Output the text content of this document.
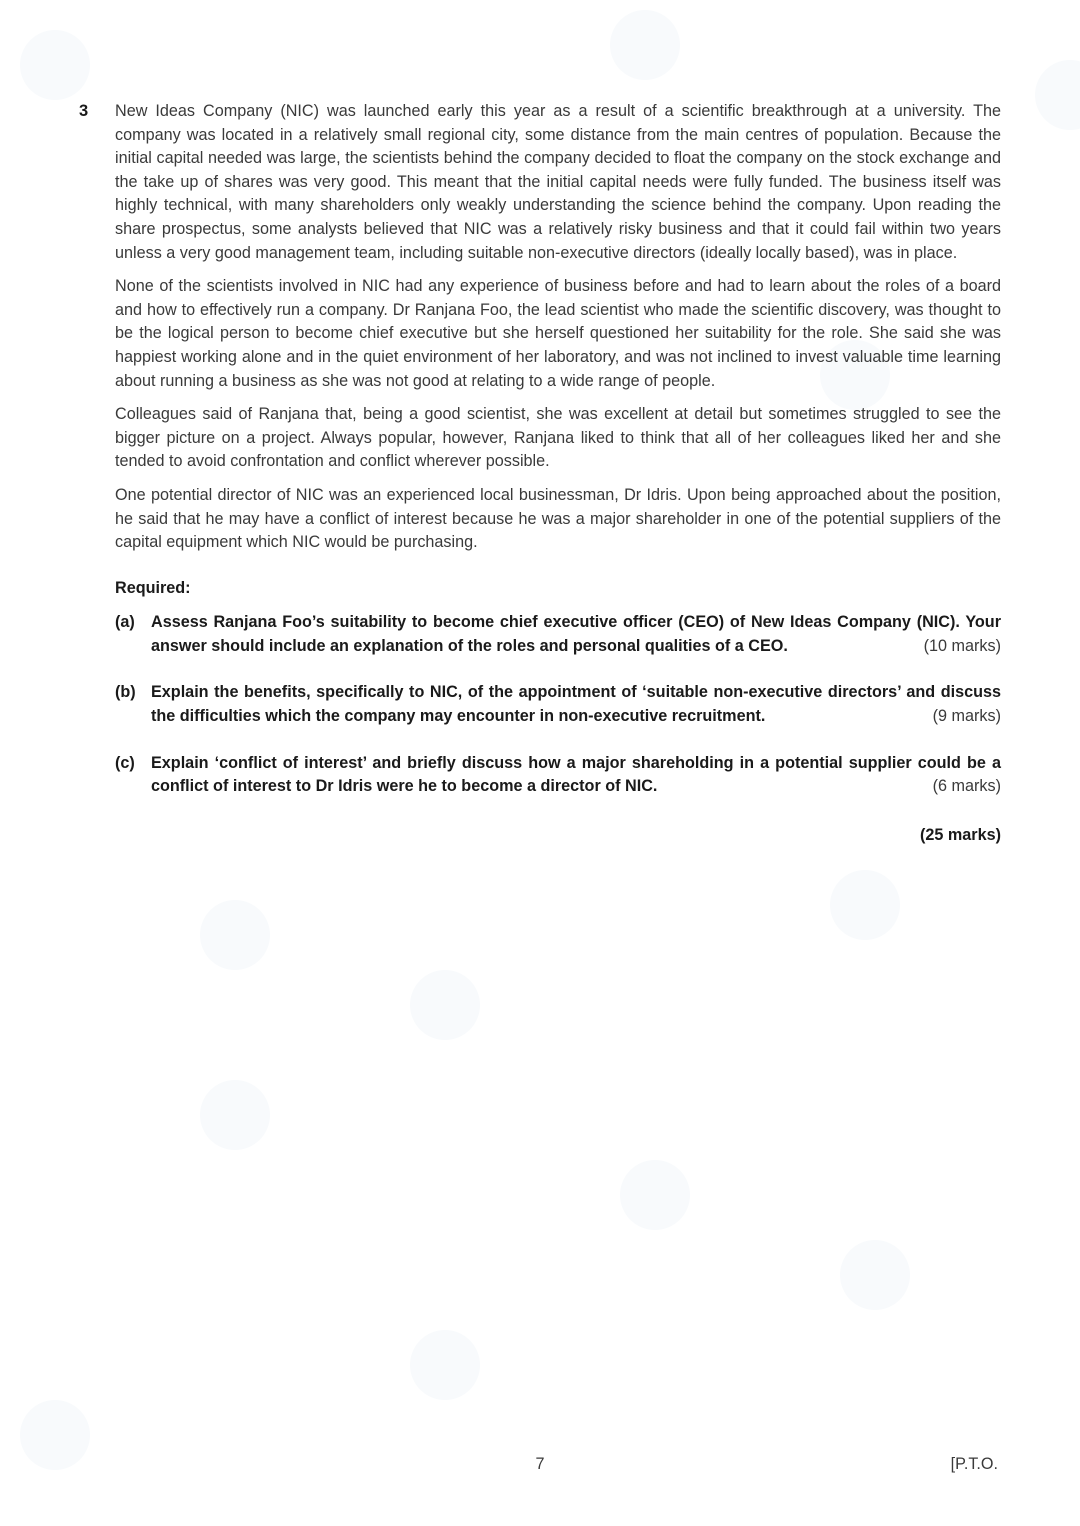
3 New Ideas Company (NIC) was launched early this year as a result of a scientific breakthrough at a university. The company was located in a relatively small regional city, some distance from the main centres of population. Because the initial capital needed was large, the scientists behind the company decided to float the company on the stock exchange and the take up of shares was very good. This meant that the initial capital needs were fully funded. The business itself was highly technical, with many shareholders only weakly understanding the science behind the company. Upon reading the share prospectus, some analysts believed that NIC was a relatively risky business and that it could fail within two years unless a very good management team, including suitable non-executive directors (ideally locally based), was in place.

None of the scientists involved in NIC had any experience of business before and had to learn about the roles of a board and how to effectively run a company. Dr Ranjana Foo, the lead scientist who made the scientific discovery, was thought to be the logical person to become chief executive but she herself questioned her suitability for the role. She said she was happiest working alone and in the quiet environment of her laboratory, and was not inclined to invest valuable time learning about running a business as she was not good at relating to a wide range of people.

Colleagues said of Ranjana that, being a good scientist, she was excellent at detail but sometimes struggled to see the bigger picture on a project. Always popular, however, Ranjana liked to think that all of her colleagues liked her and she tended to avoid confrontation and conflict wherever possible.

One potential director of NIC was an experienced local businessman, Dr Idris. Upon being approached about the position, he said that he may have a conflict of interest because he was a major shareholder in one of the potential suppliers of the capital equipment which NIC would be purchasing.

Required:
(a) Assess Ranjana Foo’s suitability to become chief executive officer (CEO) of New Ideas Company (NIC). Your answer should include an explanation of the roles and personal qualities of a CEO.	(10 marks)
(b) Explain the benefits, specifically to NIC, of the appointment of ‘suitable non-executive directors’ and discuss the difficulties which the company may encounter in non-executive recruitment.	(9 marks)
(c) Explain ‘conflict of interest’ and briefly discuss how a major shareholding in a potential supplier could be a conflict of interest to Dr Idris were he to become a director of NIC.	(6 marks)
(25 marks)
7	[P.T.O.
